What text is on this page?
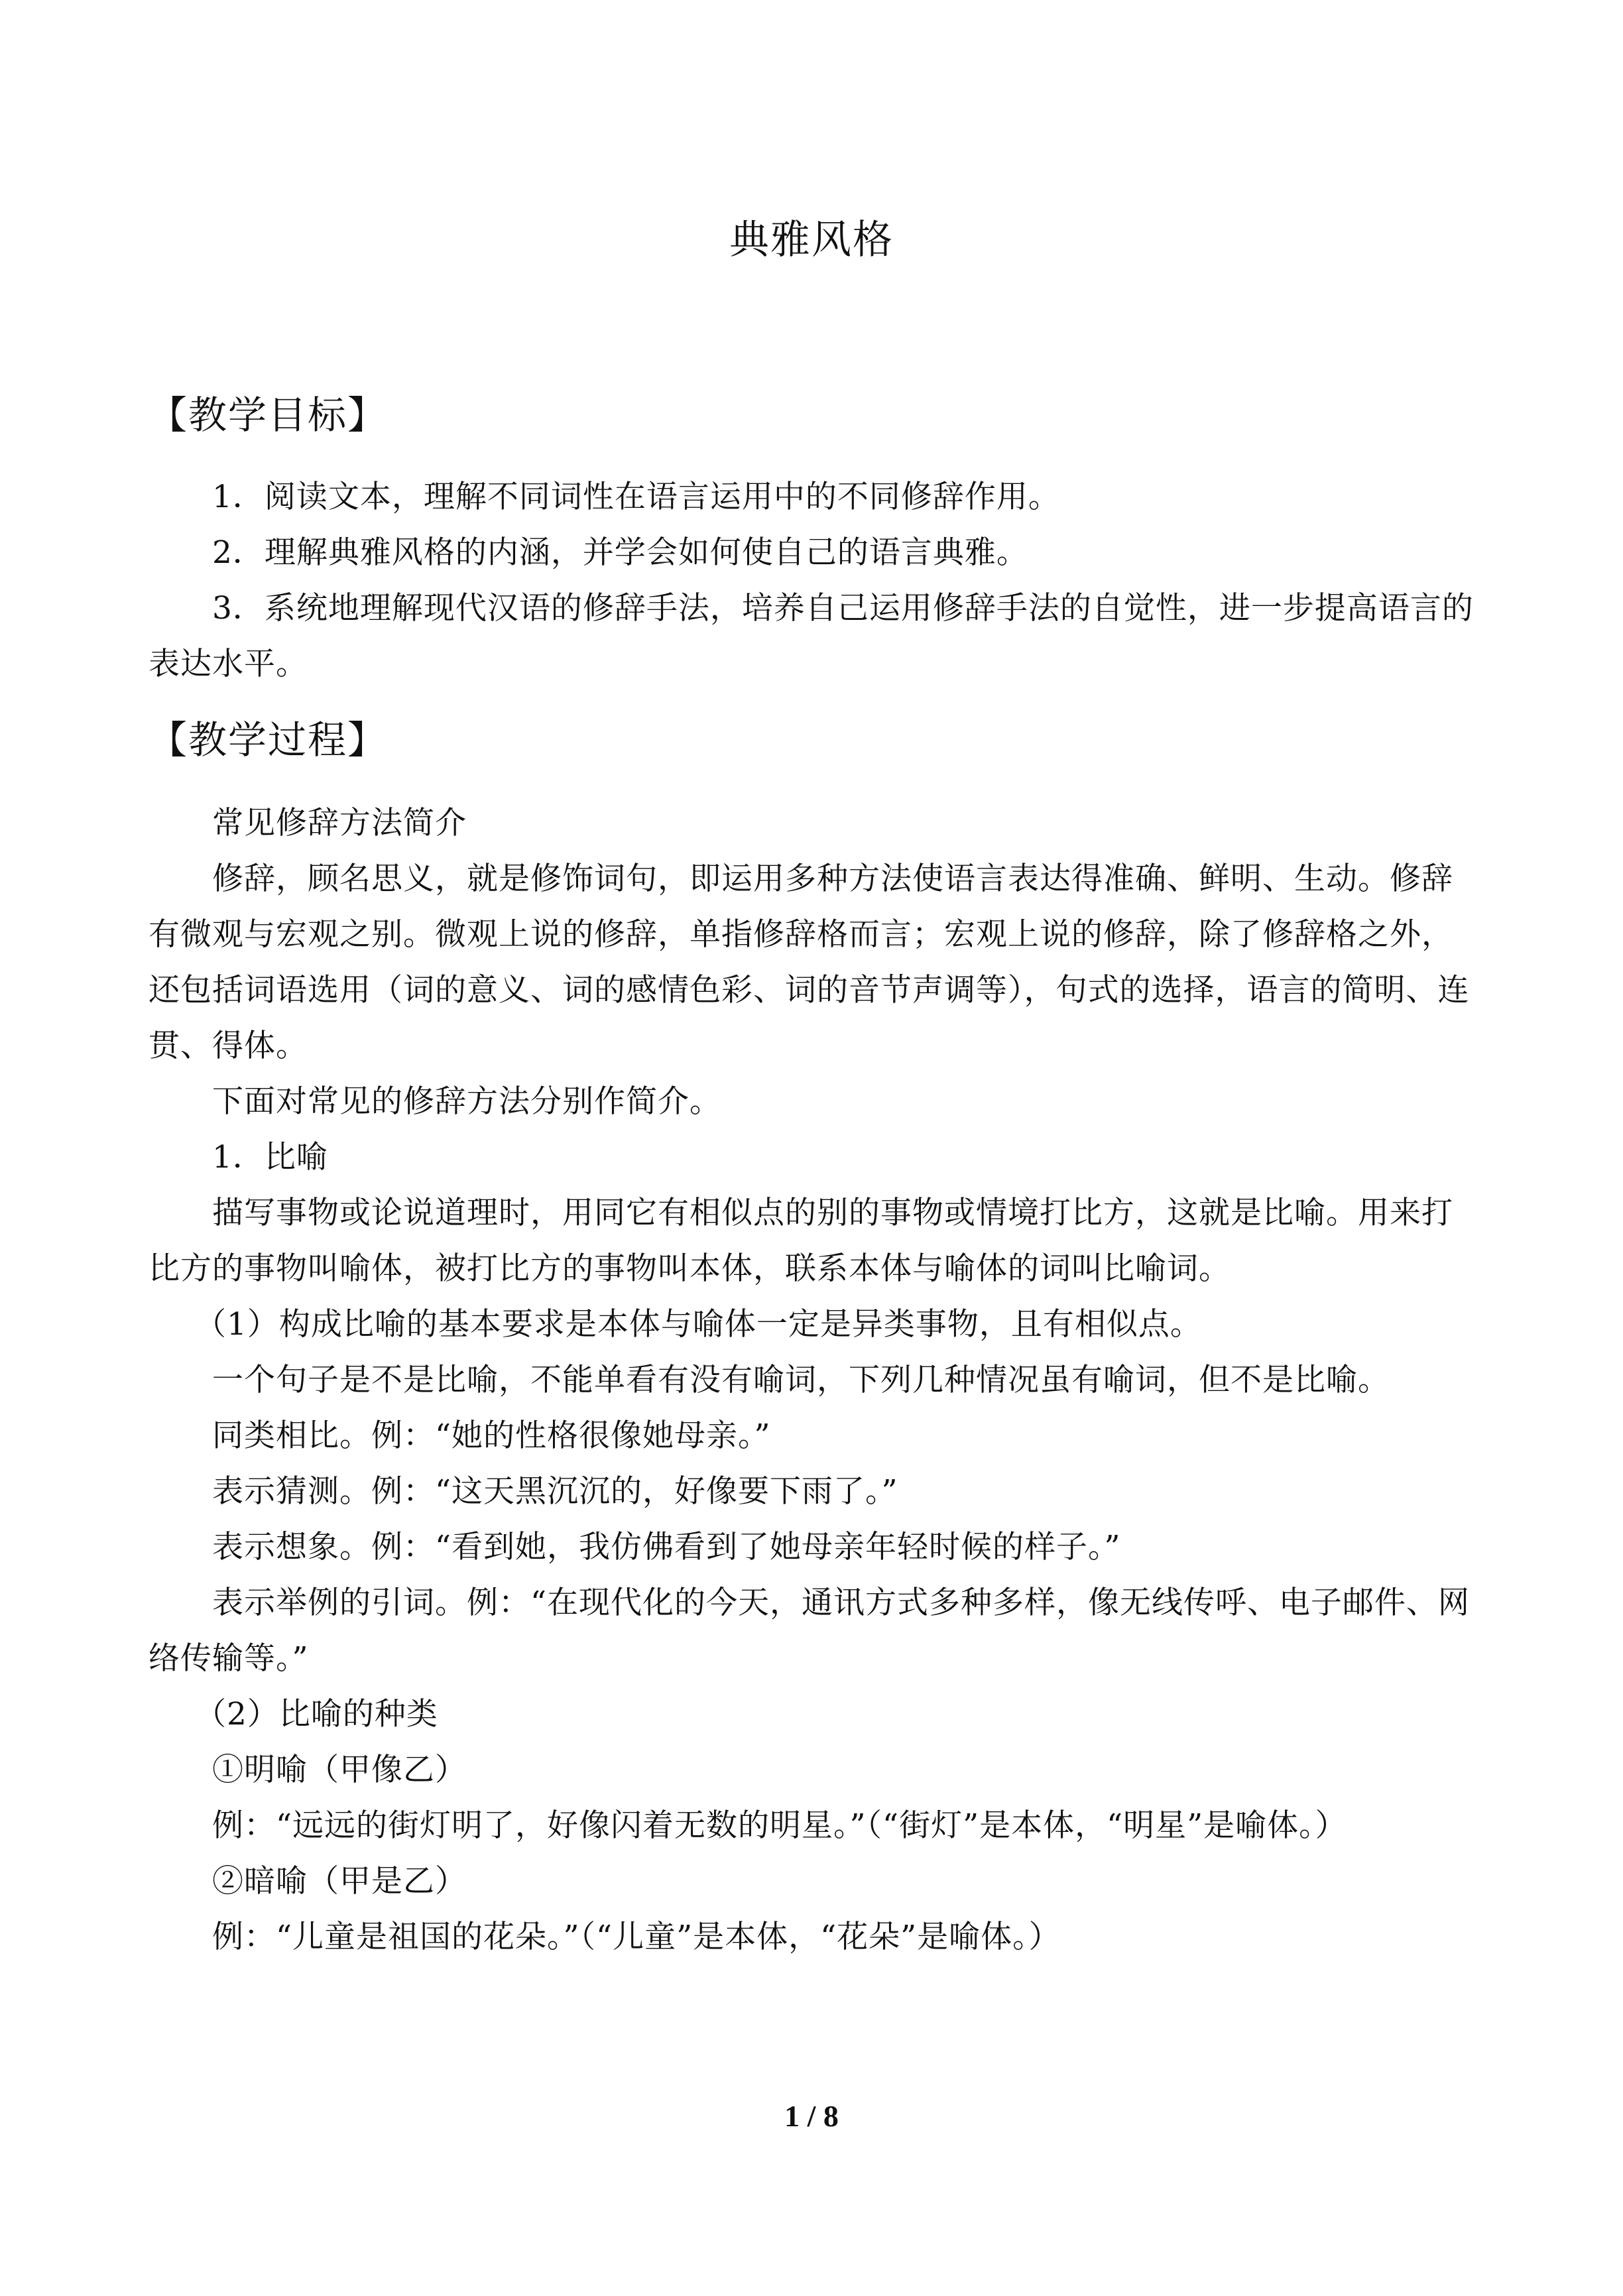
典雅风格
【教学目标】

1．阅读文本，理解不同词性在语言运用中的不同修辞作用。

2．理解典雅风格的内涵，并学会如何使自己的语言典雅。

3．系统地理解现代汉语的修辞手法，培养自己运用修辞手法的自觉性，进一步提高语言的表达水平。

【教学过程】

常见修辞方法简介

修辞，顾名思义，就是修饰词句，即运用多种方法使语言表达得准确、鲜明、生动。修辞有微观与宏观之别。微观上说的修辞，单指修辞格而言；宏观上说的修辞，除了修辞格之外，还包括词语选用（词的意义、词的感情色彩、词的音节声调等），句式的选择，语言的简明、连贯、得体。

下面对常见的修辞方法分别作简介。

1．比喻

描写事物或论说道理时，用同它有相似点的别的事物或情境打比方，这就是比喻。用来打比方的事物叫喻体，被打比方的事物叫本体，联系本体与喻体的词叫比喻词。

（1）构成比喻的基本要求是本体与喻体一定是异类事物，且有相似点。

一个句子是不是比喻，不能单看有没有喻词，下列几种情况虽有喻词，但不是比喻。

同类相比。例：“她的性格很像她母亲。”

表示猜测。例：“这天黑沉沉的，好像要下雨了。”

表示想象。例：“看到她，我仿佛看到了她母亲年轻时候的样子。”

表示举例的引词。例：“在现代化的今天，通讯方式多种多样，像无线传呼、电子邮件、网络传输等。”

（2）比喻的种类

①明喻（甲像乙）

例：“远远的街灯明了，好像闪着无数的明星。”（“街灯”是本体，“明星”是喻体。）

②暗喻（甲是乙）

例：“儿童是祖国的花朵。”（“儿童”是本体，“花朵”是喻体。）

1 / 8
